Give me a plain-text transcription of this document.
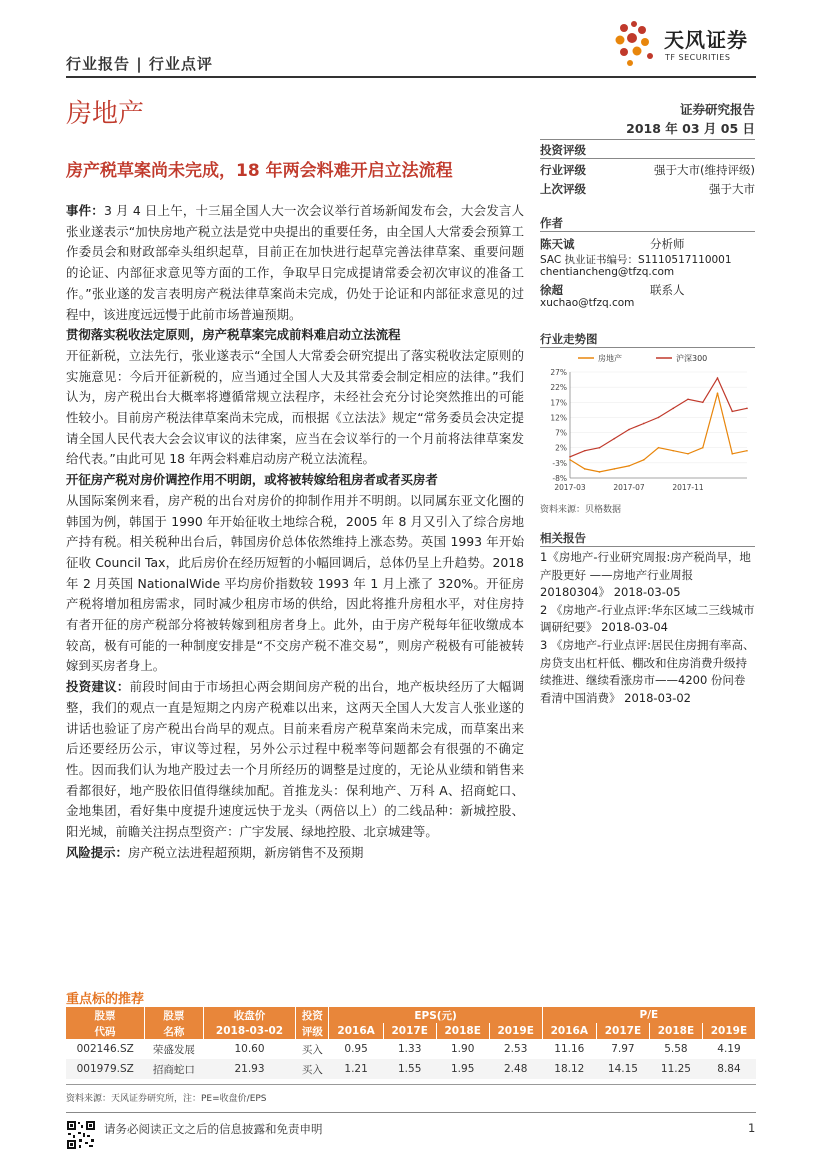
行业报告 | 行业点评
天风证券
TF SECURITIES
房地产	证券研究报告
2018 年 03 月 05 日
房产税草案尚未完成，18 年两会料难开启立法流程

事件：3 月 4 日上午，十三届全国人大一次会议举行首场新闻发布会，大会发言人张业遂表示“加快房地产税立法是党中央提出的重要任务，由全国人大常委会预算工作委员会和财政部牵头组织起草，目前正在加快进行起草完善法律草案、重要问题的论证、内部征求意见等方面的工作，争取早日完成提请常委会初次审议的准备工作。”张业遂的发言表明房产税法律草案尚未完成，仍处于论证和内部征求意见的过程中，该进度远远慢于此前市场普遍预期。

贯彻落实税收法定原则，房产税草案完成前料难启动立法流程

开征新税，立法先行，张业遂表示“全国人大常委会研究提出了落实税收法定原则的实施意见：今后开征新税的，应当通过全国人大及其常委会制定相应的法律。”我们认为，房产税出台大概率将遵循常规立法程序，未经社会充分讨论突然推出的可能性较小。目前房产税法律草案尚未完成，而根据《立法法》规定“常务委员会决定提请全国人民代表大会会议审议的法律案，应当在会议举行的一个月前将法律草案发给代表。”由此可见 18 年两会料难启动房产税立法流程。

开征房产税对房价调控作用不明朗，或将被转嫁给租房者或者买房者

从国际案例来看，房产税的出台对房价的抑制作用并不明朗。以同属东亚文化圈的韩国为例，韩国于 1990 年开始征收土地综合税，2005 年 8 月又引入了综合房地产持有税。相关税种出台后，韩国房价总体依然维持上涨态势。英国 1993 年开始征收 Council Tax，此后房价在经历短暂的小幅回调后，总体仍呈上升趋势。2018 年 2 月英国 NationalWide 平均房价指数较 1993 年 1 月上涨了 320%。开征房产税将增加租房需求，同时减少租房市场的供给，因此将推升房租水平，对住房持有者开征的房产税部分将被转嫁到租房者身上。此外，由于房产税每年征收缴成本较高，极有可能的一种制度安排是“不交房产税不准交易”，则房产税极有可能被转嫁到买房者身上。

投资建议：前段时间由于市场担心两会期间房产税的出台，地产板块经历了大幅调整，我们的观点一直是短期之内房产税难以出来，这两天全国人大发言人张业遂的讲话也验证了房产税出台尚早的观点。目前来看房产税草案尚未完成，而草案出来后还要经历公示，审议等过程，另外公示过程中税率等问题都会有很强的不确定性。因而我们认为地产股过去一个月所经历的调整是过度的，无论从业绩和销售来看都很好，地产股依旧值得继续加配。首推龙头：保利地产、万科 A、招商蛇口、金地集团，看好集中度提升速度远快于龙头（两倍以上）的二线品种：新城控股、阳光城，前瞻关注拐点型资产：广宇发展、绿地控股、北京城建等。

风险提示：房产税立法进程超预期，新房销售不及预期

投资评级
行业评级	强于大市(维持评级)
上次评级	强于大市
作者
陈天诚	分析师
SAC 执业证书编号：S1110517110001
chentiancheng@tfzq.com
徐超	联系人
xuchao@tfzq.com
行业走势图
27%
22%
17%
12%
7%
2%
-3%
-8%
2017-03	2017-07	2017-11
房地产	沪深300
资料来源：贝格数据
相关报告
1《房地产-行业研究周报:房产税尚早，地产股更好 ——房地产行业周报 20180304》 2018-03-05
2 《房地产-行业点评:华东区域二三线城市调研纪要》 2018-03-04
3 《房地产-行业点评:居民住房拥有率高、房贷支出杠杆低、棚改和住房消费升级持续推进、继续看涨房市——4200 份问卷看清中国消费》 2018-03-02
重点标的推荐
股票	股票	收盘价	投资	EPS(元)				P/E			
代码	名称	2018-03-02	评级	2016A	2017E	2018E	2019E	2016A	2017E	2018E	2019E
002146.SZ	荣盛发展	10.60	买入	0.95	1.33	1.90	2.53	11.16	7.97	5.58	4.19
001979.SZ	招商蛇口	21.93	买入	1.21	1.55	1.95	2.48	18.12	14.15	11.25	8.84
资料来源：天风证券研究所，注：PE=收盘价/EPS
请务必阅读正文之后的信息披露和免责申明	1
